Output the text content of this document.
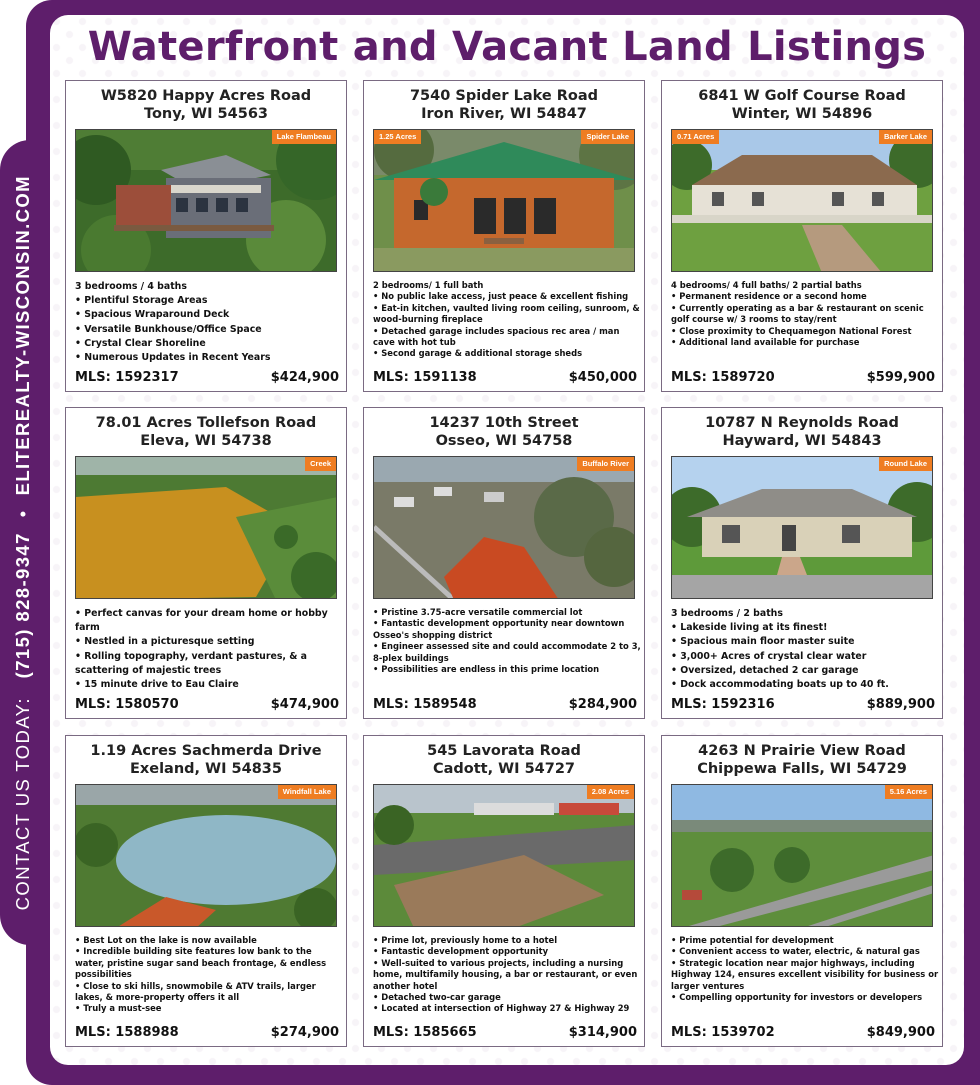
CONTACT US TODAY: (715) 828-9347 • ELITEREALTY-WISCONSIN.COM
Waterfront and Vacant Land Listings
W5820 Happy Acres Road
Tony, WI 54563
Lake Flambeau
3 bedrooms / 4 baths
• Plentiful Storage Areas
• Spacious Wraparound Deck
• Versatile Bunkhouse/Office Space
• Crystal Clear Shoreline
• Numerous Updates in Recent Years
MLS: 1592317	$424,900
7540 Spider Lake Road
Iron River, WI 54847
1.25 Acres	Spider Lake
2 bedrooms/ 1 full bath
• No public lake access, just peace & excellent fishing
• Eat-in kitchen, vaulted living room ceiling, sunroom, & wood-burning fireplace
• Detached garage includes spacious rec area / man cave with hot tub
• Second garage & additional storage sheds
MLS: 1591138	$450,000
6841 W Golf Course Road
Winter, WI 54896
0.71 Acres	Barker Lake
4 bedrooms/ 4 full baths/ 2 partial baths
• Permanent residence or a second home
• Currently operating as a bar & restaurant on scenic golf course w/ 3 rooms to stay/rent
• Close proximity to Chequamegon National Forest
• Additional land available for purchase
MLS: 1589720	$599,900
78.01 Acres Tollefson Road
Eleva, WI 54738
Creek
• Perfect canvas for your dream home or hobby farm
• Nestled in a picturesque setting
• Rolling topography, verdant pastures, & a scattering of majestic trees
• 15 minute drive to Eau Claire
MLS: 1580570	$474,900
14237 10th Street
Osseo, WI 54758
Buffalo River
• Pristine 3.75-acre versatile commercial lot
• Fantastic development opportunity near downtown Osseo's shopping district
• Engineer assessed site and could accommodate 2 to 3, 8-plex buildings
• Possibilities are endless in this prime location
MLS: 1589548	$284,900
10787 N Reynolds Road
Hayward, WI 54843
Round Lake
3 bedrooms / 2 baths
• Lakeside living at its finest!
• Spacious main floor master suite
• 3,000+ Acres of crystal clear water
• Oversized, detached 2 car garage
• Dock accommodating boats up to 40 ft.
MLS: 1592316	$889,900
1.19 Acres Sachmerda Drive
Exeland, WI 54835
Windfall Lake
• Best Lot on the lake is now available
• Incredible building site features low bank to the water, pristine sugar sand beach frontage, & endless possibilities
• Close to ski hills, snowmobile & ATV trails, larger lakes, & more-property offers it all
• Truly a must-see
MLS: 1588988	$274,900
545 Lavorata Road
Cadott, WI 54727
2.08 Acres
• Prime lot, previously home to a hotel
• Fantastic development opportunity
• Well-suited to various projects, including a nursing home, multifamily housing, a bar or restaurant, or even another hotel
• Detached two-car garage
• Located at intersection of Highway 27 & Highway 29
MLS: 1585665	$314,900
4263 N Prairie View Road
Chippewa Falls, WI 54729
5.16 Acres
• Prime potential for development
• Convenient access to water, electric, & natural gas
• Strategic location near major highways, including Highway 124, ensures excellent visibility for business or larger ventures
• Compelling opportunity for investors or developers
MLS: 1539702	$849,900
